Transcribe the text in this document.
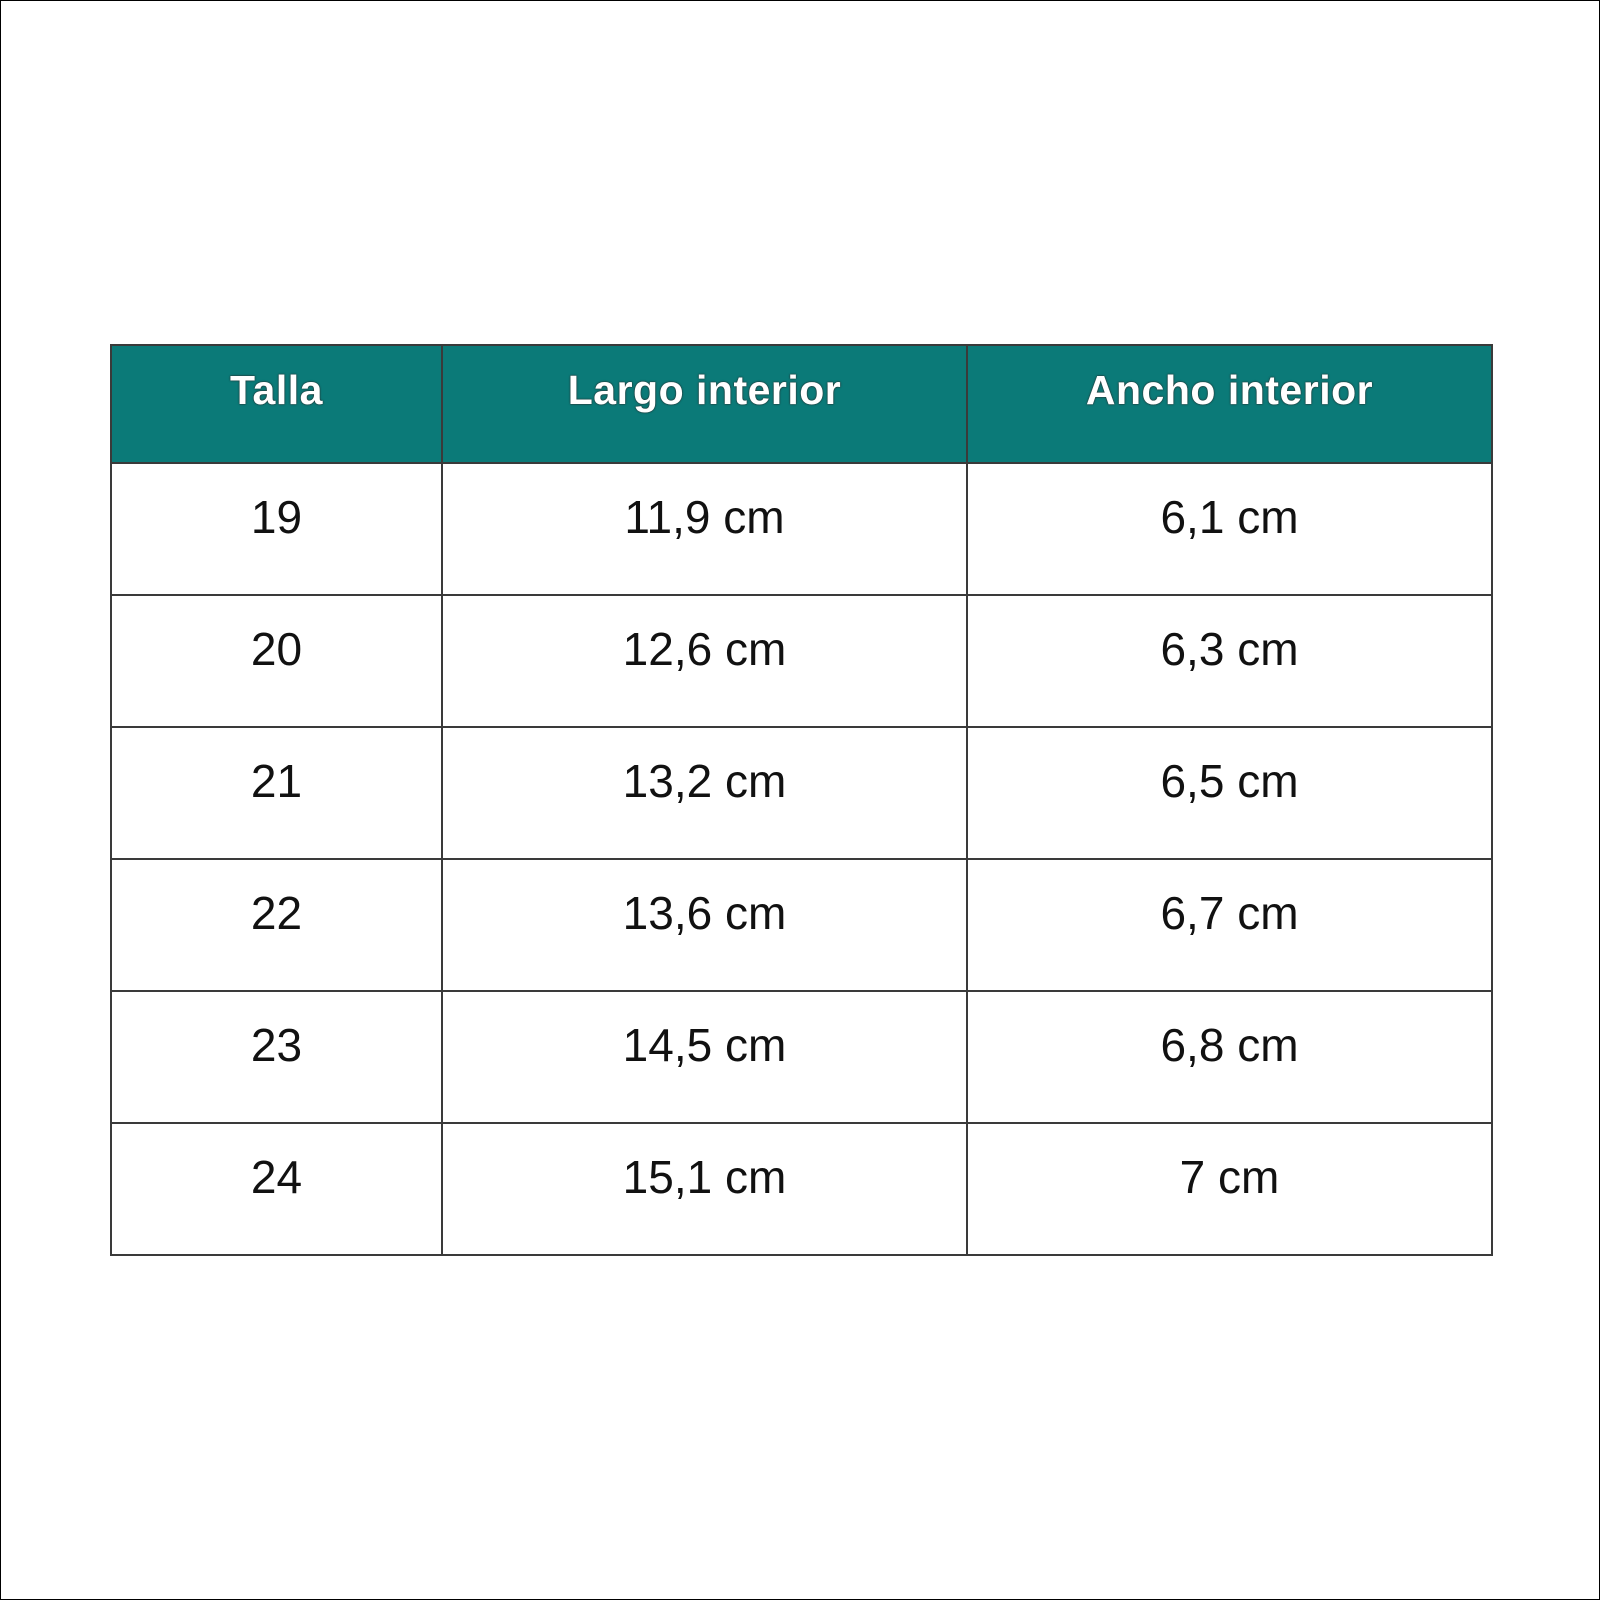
Talla	Largo interior	Ancho interior
19	11,9 cm	6,1 cm
20	12,6 cm	6,3 cm
21	13,2 cm	6,5 cm
22	13,6 cm	6,7 cm
23	14,5 cm	6,8 cm
24	15,1 cm	7 cm
